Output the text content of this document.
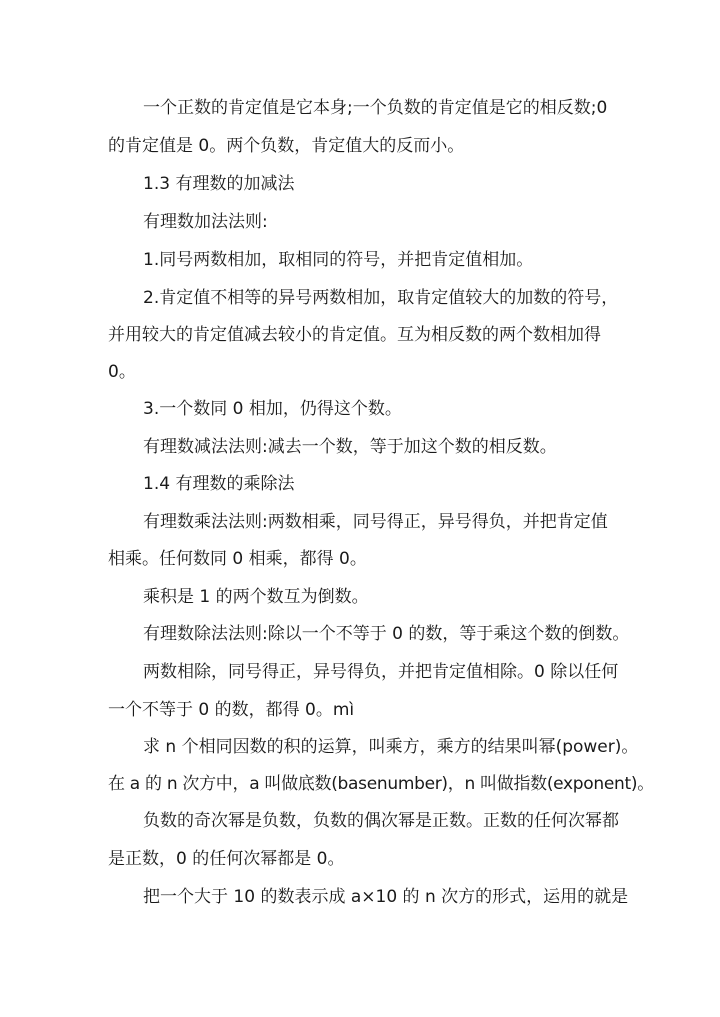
一个正数的肯定值是它本身;一个负数的肯定值是它的相反数;0
的肯定值是 0。两个负数，肯定值大的反而小。
1.3 有理数的加减法
有理数加法法则:
1.同号两数相加，取相同的符号，并把肯定值相加。
2.肯定值不相等的异号两数相加，取肯定值较大的加数的符号，
并用较大的肯定值减去较小的肯定值。互为相反数的两个数相加得
0。
3.一个数同 0 相加，仍得这个数。
有理数减法法则:减去一个数，等于加这个数的相反数。
1.4 有理数的乘除法
有理数乘法法则:两数相乘，同号得正，异号得负，并把肯定值
相乘。任何数同 0 相乘，都得 0。
乘积是 1 的两个数互为倒数。
有理数除法法则:除以一个不等于 0 的数，等于乘这个数的倒数。
两数相除，同号得正，异号得负，并把肯定值相除。0 除以任何
一个不等于 0 的数，都得 0。mì
求 n 个相同因数的积的运算，叫乘方，乘方的结果叫幂(power)。
在 a 的 n 次方中，a 叫做底数(basenumber)，n 叫做指数(exponent)。
负数的奇次幂是负数，负数的偶次幂是正数。正数的任何次幂都
是正数，0 的任何次幂都是 0。
把一个大于 10 的数表示成 a×10 的 n 次方的形式，运用的就是
